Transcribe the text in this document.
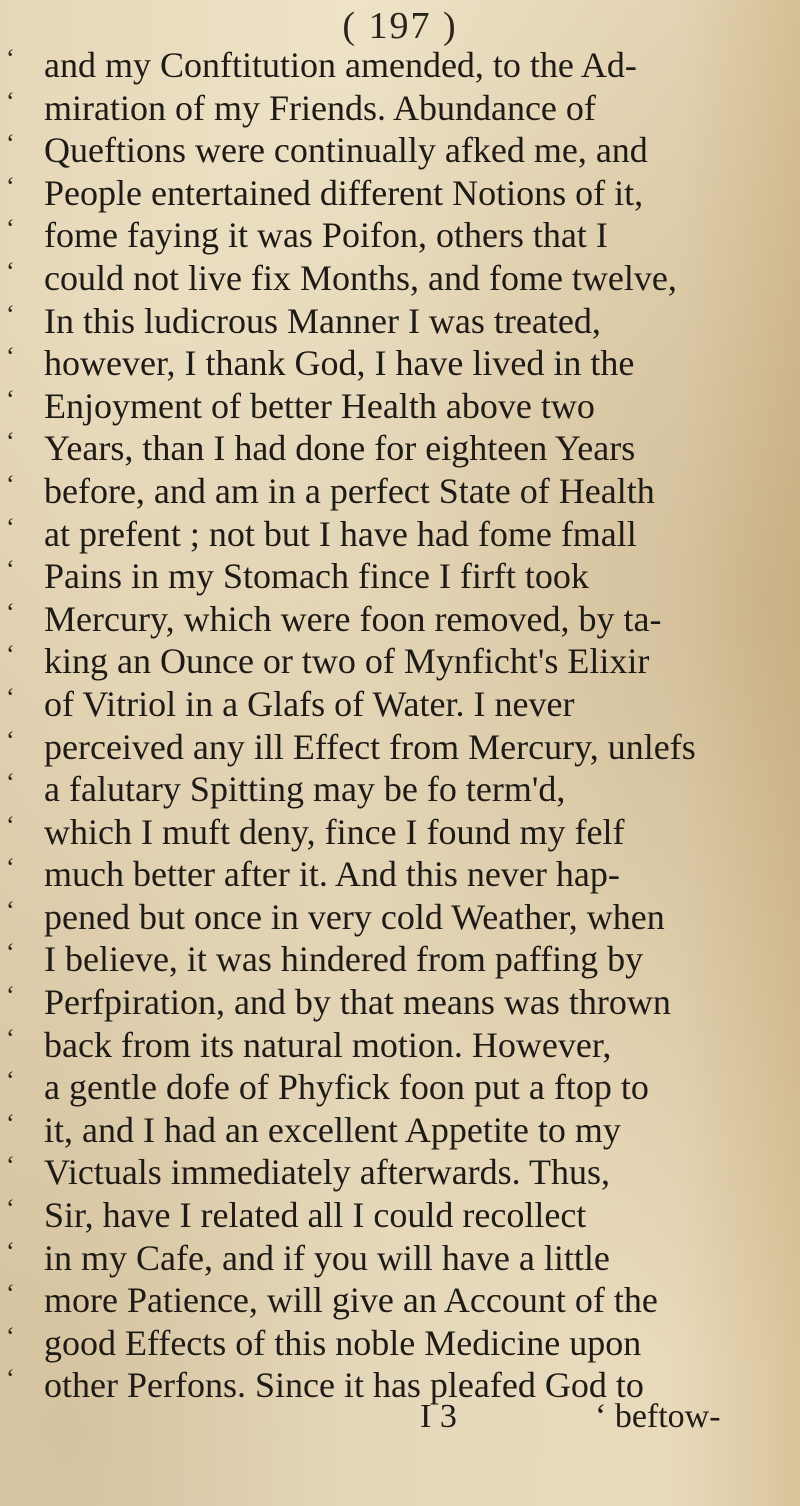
( 197 )
‘ and my Conftitution amended, to the Ad-
‘ miration of my Friends. Abundance of
‘ Queftions were continually afked me, and
‘ People entertained different Notions of it,
‘ fome faying it was Poifon, others that I
‘ could not live fix Months, and fome twelve,
‘ In this ludicrous Manner I was treated,
‘ however, I thank God, I have lived in the
‘ Enjoyment of better Health above two
‘ Years, than I had done for eighteen Years
‘ before, and am in a perfect State of Health
‘ at prefent ; not but I have had fome fmall
‘ Pains in my Stomach fince I firft took
‘ Mercury, which were foon removed, by ta-
‘ king an Ounce or two of Mynficht's Elixir
‘ of Vitriol in a Glafs of Water. I never
‘ perceived any ill Effect from Mercury, unlefs
‘ a falutary Spitting may be fo term'd,
‘ which I muft deny, fince I found my felf
‘ much better after it. And this never hap-
‘ pened but once in very cold Weather, when
‘ I believe, it was hindered from paffing by
‘ Perfpiration, and by that means was thrown
‘ back from its natural motion. However,
‘ a gentle dofe of Phyfick foon put a ftop to
‘ it, and I had an excellent Appetite to my
‘ Victuals immediately afterwards. Thus,
‘ Sir, have I related all I could recollect
‘ in my Cafe, and if you will have a little
‘ more Patience, will give an Account of the
‘ good Effects of this noble Medicine upon
‘ other Perfons. Since it has pleafed God to
I 3	‘ beftow-
